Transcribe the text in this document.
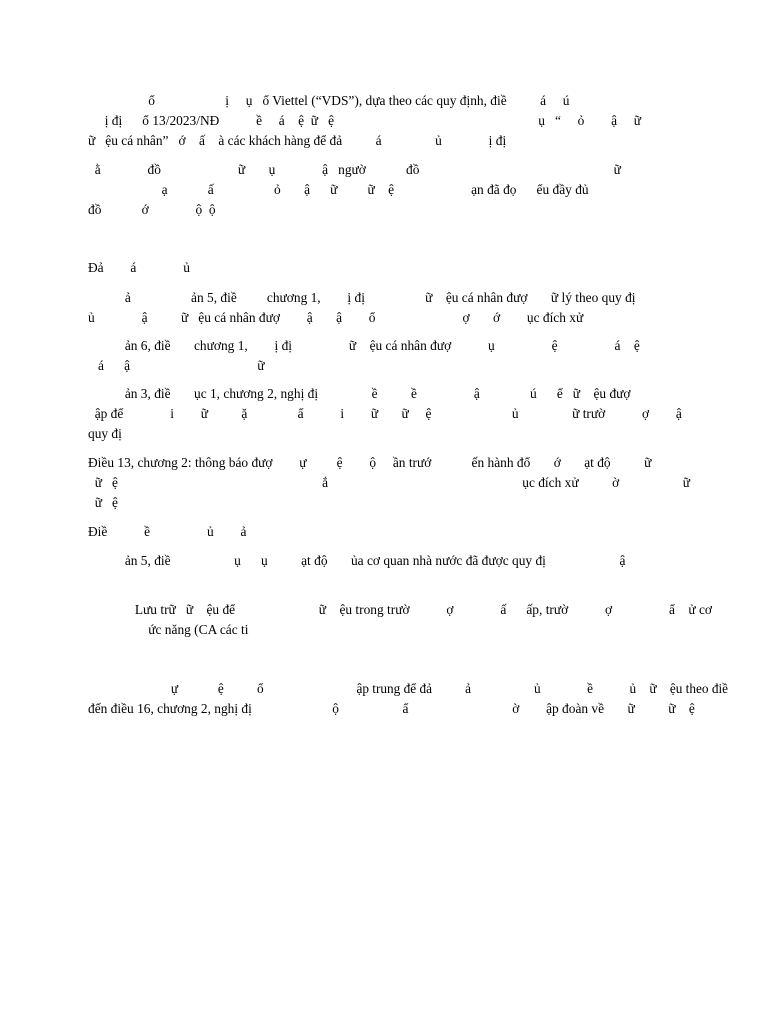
ổ                     ị     ụ   ổ Viettel (“VDS”), dựa theo các quy định, điề          á     ú

ị đị      ổ 13/2023/NĐ           ề     á    ệ  ữ   ệ                                                             ụ   “     ỏ        ậ     ữ

ữ   ệu cá nhân”   ớ    ấ    à các khách hàng để đả          á                ủ              ị đị

ằ              đồ                       ữ       ụ              ậ   ngườ            đồ                                                          ữ

ạ            ấ                  ỏ       ậ      ữ         ữ    ệ                       ạn đã đọ      ểu đầy đủ

đồ            ớ              ộ  ộ

Đả        á              ủ

ả                  ản 5, điề         chương 1,        ị đị                  ữ    ệu cá nhân đượ       ữ lý theo quy đị

ủ              ậ          ữ   ệu cá nhân đượ        ậ       ậ        ổ                          ợ       ớ        ục đích xử

ản 6, điề       chương 1,        ị đị                 ữ    ệu cá nhân đượ           ụ                 ệ                 á    ệ

á      ậ                                      ữ

ản 3, điề       ục 1, chương 2, nghị đị                ề          ề                 ậ               ú      ể   ữ    ệu đượ

ập để              i        ữ          ặ               ẩ           i        ữ       ữ     ệ                        ủ                ữ trườ           ợ        ậ

quy đị

Điều 13, chương 2: thông báo đượ        ự         ệ        ộ     ần trướ            ến hành đổ       ớ       ạt độ          ữ

ữ   ệ                                                             ắ                                                          ục đích xử          ờ                   ữ

ữ   ệ

Điề           ề                 ủ        ả

ản 5, điề                   ụ      ụ          ạt độ       ủa cơ quan nhà nước đã được quy đị                      ậ

Lưu trữ   ữ    ệu để                         ữ    ệu trong trườ           ợ              ấ      ấp, trườ           ợ                 ẩ    ử cơ

ức năng (CA các ti

ự            ệ          ổ                            ập trung để đả          ả                   ủ              ề           ủ    ữ    ệu theo điề

đến điều 16, chương 2, nghị đị                        ộ                   ẩ                               ờ        ập đoàn về       ữ          ữ    ệ
